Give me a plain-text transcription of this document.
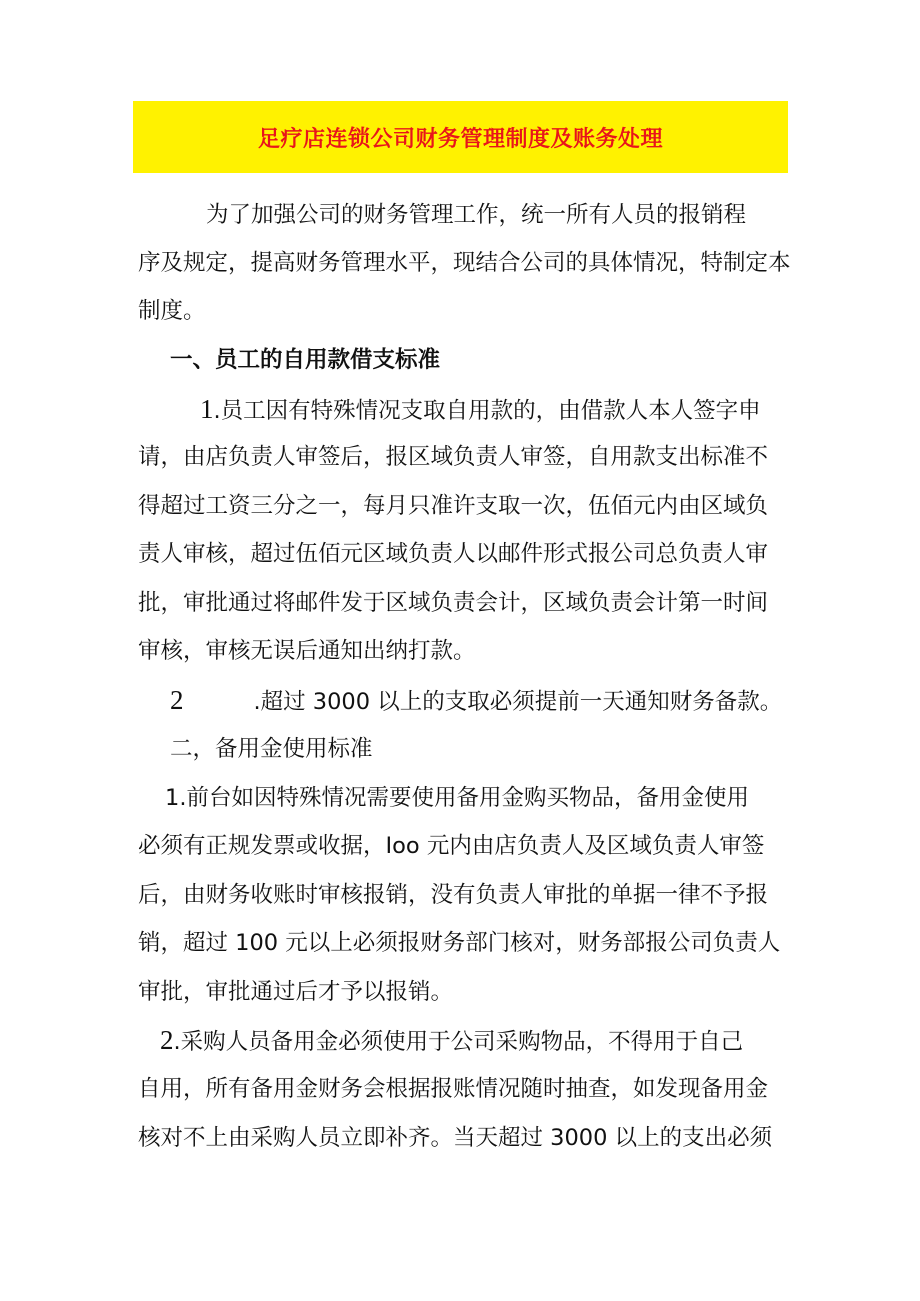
足疗店连锁公司财务管理制度及账务处理
为了加强公司的财务管理工作，统一所有人员的报销程
序及规定，提高财务管理水平，现结合公司的具体情况，特制定本
制度。
一、员工的自用款借支标准
1.员工因有特殊情况支取自用款的，由借款人本人签字申
请，由店负责人审签后，报区域负责人审签，自用款支出标准不
得超过工资三分之一，每月只准许支取一次，伍佰元内由区域负
责人审核，超过伍佰元区域负责人以邮件形式报公司总负责人审
批，审批通过将邮件发于区域负责会计，区域负责会计第一时间
审核，审核无误后通知出纳打款。
2	.超过 3000 以上的支取必须提前一天通知财务备款。
二，备用金使用标准
1.前台如因特殊情况需要使用备用金购买物品，备用金使用
必须有正规发票或收据，Ioo 元内由店负责人及区域负责人审签
后，由财务收账时审核报销，没有负责人审批的单据一律不予报
销，超过 100 元以上必须报财务部门核对，财务部报公司负责人
审批，审批通过后才予以报销。
2.采购人员备用金必须使用于公司采购物品，不得用于自己
自用，所有备用金财务会根据报账情况随时抽查，如发现备用金
核对不上由采购人员立即补齐。当天超过 3000 以上的支出必须
